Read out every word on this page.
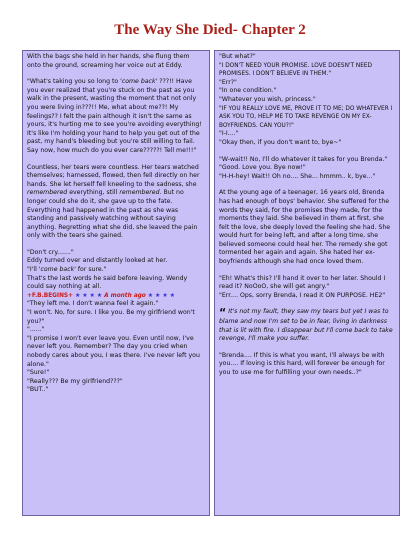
The Way She Died- Chapter 2

With the bags she held in her hands, she flung them onto the ground, screaming her voice out at Eddy.

"What's taking you so long to 'come back' ???!! Have you ever realized that you're stuck on the past as you walk in the present, wasting the moment that not only you were living in???!! Me, what about me??! My feelings?? I felt the pain although it isn't the same as yours, it's hurting me to see you're avoiding everything! It's like I'm holding your hand to help you get out of the past, my hand's bleeding but you're still willing to fail. Say now, how much do you ever care?????! Tell me!!!"

Countless, her tears were countless. Her tears watched themselves; harnessed, flowed, then fell directly on her hands. She let herself fell kneeling to the sadness, she remembered everything, still remembered. But no longer could she do it, she gave up to the fate. Everything had happened in the past as she was standing and passively watching without saying anything. Regretting what she did, she leaved the pain only with the tears she gained.

"Don't cry......."
Eddy turned over and distantly looked at her.

"I'll 'come back' for sure."

That's the last words he said before leaving. Wendy could say nothing at all.

+F.B.BEGINS+ ★ ★ ★ ★ A month ago ★ ★ ★ ★

"They left me. I don't wanna feel it again."
"I won't. No, for sure. I like you. Be my girlfriend won't you?"
"......"
"I promise I won't ever leave you. Even until now, I've never left you. Remember? The day you cried when nobody cares about you, I was there. I've never left you alone."
"Sure!"
"Really??? Be my girlfriend???"
"BUT.."

"But what?"

"I DON'T NEED YOUR PROMISE. LOVE DOESN'T NEED PROMISES. I DON'T BELIEVE IN THEM."

"Err?"
"In one condition."
"Whatever you wish, princess."

"IF YOU REALLY LOVE ME, PROVE IT TO ME; DO WHATEVER I ASK YOU TO, HELP ME TO TAKE REVENGE ON MY EX-BOYFRIENDS. CAN YOU?!"

"I-I...."
"Okay then, if you don't want to, bye~"

"W-wait!! No, I'll do whatever it takes for you Brenda."
"Good. Love you. Bye now!"
"H-H-hey! Wait!! Oh no.... She... hmmm.. k, bye..."

At the young age of a teenager, 16 years old, Brenda has had enough of boys' behavior. She suffered for the words they said, for the promises they made, for the moments they laid. She believed in them at first, she felt the love, she deeply loved the feeling she had. She would hurt for being left, and after a long time, she believed someone could heal her. The remedy she got tormented her again and again. She hated her ex-boyfriends although she had once loved them.

"Eh! What's this? I'll hand it over to her later. Should I read it? NoOoO, she will get angry."
"Err.... Ops, sorry Brenda, I read it ON PURPOSE. HE2"

“ It's not my fault, they saw my tears but yet I was to blame and now I'm set to be in fear, living in darkness that is lit with fire. I disappear but I'll come back to take revenge, I'll make you suffer.

"Brenda.... If this is what you want, I'll always be with you.... If loving is this hard, will forever be enough for you to use me for fulfilling your own needs..?"
